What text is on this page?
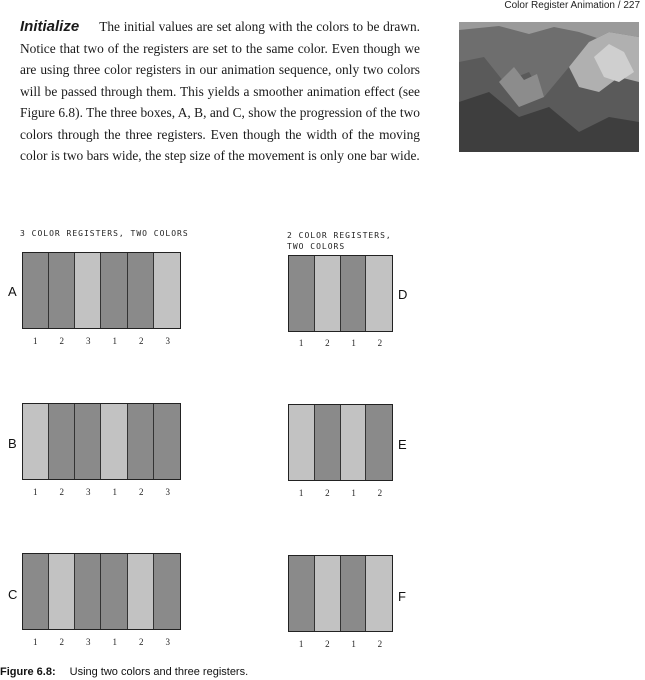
Color Register Animation / 227
Initialize The initial values are set along with the colors to be drawn. Notice that two of the registers are set to the same color. Even though we are using three color registers in our animation sequence, only two colors will be passed through them. This yields a smoother animation effect (see Figure 6.8). The three boxes, A, B, and C, show the progression of the two colors through the three registers. Even though the width of the moving color is two bars wide, the step size of the movement is only one bar wide.
3 COLOR REGISTERS, TWO COLORS	2 COLOR REGISTERS,
TWO COLORS
A
1	2	3	1	2	3
D
1	2	1	2
B
1	2	3	1	2	3
E
1	2	1	2
C
1	2	3	1	2	3
F
1	2	1	2
Figure 6.8: Using two colors and three registers.
